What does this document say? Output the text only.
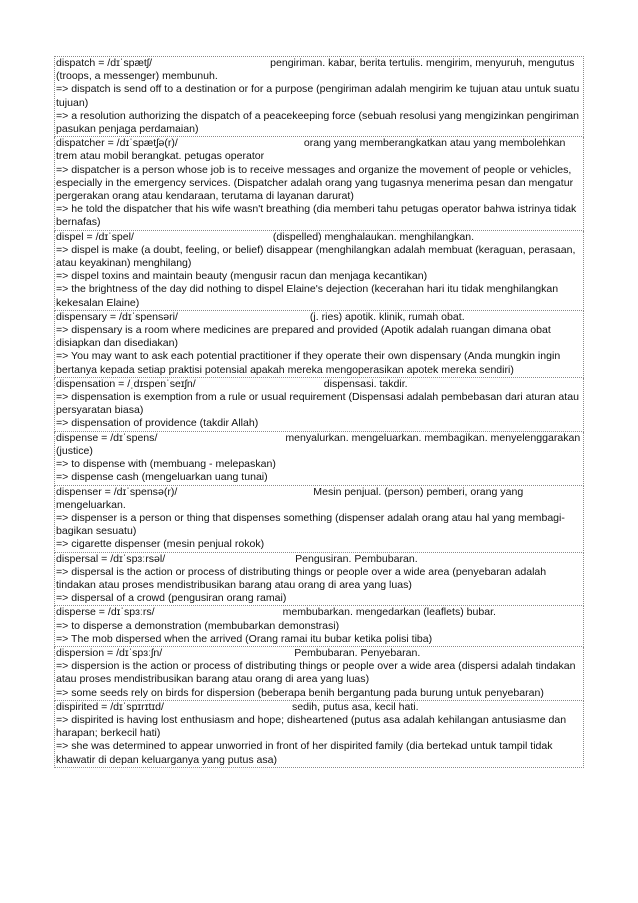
dispatch = /dɪˈspætʃ/	pengiriman. kabar, berita tertulis. mengirim, menyuruh, mengutus (troops, a messenger) membunuh.
=> dispatch is send off to a destination or for a purpose (pengiriman adalah mengirim ke tujuan atau untuk suatu tujuan)
=> a resolution authorizing the dispatch of a peacekeeping force (sebuah resolusi yang mengizinkan pengiriman pasukan penjaga perdamaian)
dispatcher = /dɪˈspætʃə(r)/	orang yang memberangkatkan atau yang membolehkan trem atau mobil berangkat. petugas operator
=> dispatcher is a person whose job is to receive messages and organize the movement of people or vehicles, especially in the emergency services. (Dispatcher adalah orang yang tugasnya menerima pesan dan mengatur pergerakan orang atau kendaraan, terutama di layanan darurat)
=> he told the dispatcher that his wife wasn't breathing (dia memberi tahu petugas operator bahwa istrinya tidak bernafas)
dispel = /dɪˈspel/	(dispelled) menghalaukan. menghilangkan.
=> dispel is make (a doubt, feeling, or belief) disappear (menghilangkan adalah membuat (keraguan, perasaan, atau keyakinan) menghilang)
=> dispel toxins and maintain beauty (mengusir racun dan menjaga kecantikan)
=> the brightness of the day did nothing to dispel Elaine's dejection (kecerahan hari itu tidak menghilangkan kekesalan Elaine)
dispensary = /dɪˈspensəri/	(j. ries) apotik. klinik, rumah obat.
=> dispensary is a room where medicines are prepared and provided (Apotik adalah ruangan dimana obat disiapkan dan disediakan)
=> You may want to ask each potential practitioner if they operate their own dispensary (Anda mungkin ingin bertanya kepada setiap praktisi potensial apakah mereka mengoperasikan apotek mereka sendiri)
dispensation = /ˌdɪspenˈseɪʃn/	dispensasi. takdir.
=> dispensation is exemption from a rule or usual requirement (Dispensasi adalah pembebasan dari aturan atau persyaratan biasa)
=> dispensation of providence (takdir Allah)
dispense = /dɪˈspens/	menyalurkan. mengeluarkan. membagikan. menyelenggarakan (justice)
=> to dispense with (membuang - melepaskan)
=> dispense cash (mengeluarkan uang tunai)
dispenser = /dɪˈspensə(r)/	Mesin penjual. (person) pemberi, orang yang mengeluarkan.
=> dispenser is a person or thing that dispenses something (dispenser adalah orang atau hal yang membagi-bagikan sesuatu)
=> cigarette dispenser (mesin penjual rokok)
dispersal = /dɪˈspɜːrsəl/	Pengusiran. Pembubaran.
=> dispersal is the action or process of distributing things or people over a wide area (penyebaran adalah tindakan atau proses mendistribusikan barang atau orang di area yang luas)
=> dispersal of a crowd (pengusiran orang ramai)
disperse = /dɪˈspɜːrs/	membubarkan. mengedarkan (leaflets) bubar.
=> to disperse a demonstration (membubarkan demonstrasi)
=> The mob dispersed when the arrived (Orang ramai itu bubar ketika polisi tiba)
dispersion = /dɪˈspɜːʃn/	Pembubaran. Penyebaran.
=> dispersion is the action or process of distributing things or people over a wide area (dispersi adalah tindakan atau proses mendistribusikan barang atau orang di area yang luas)
=> some seeds rely on birds for dispersion (beberapa benih bergantung pada burung untuk penyebaran)
dispirited = /dɪˈspɪrɪtɪd/	sedih, putus asa, kecil hati.
=> dispirited is having lost enthusiasm and hope; disheartened (putus asa adalah kehilangan antusiasme dan harapan; berkecil hati)
=> she was determined to appear unworried in front of her dispirited family (dia bertekad untuk tampil tidak khawatir di depan keluarganya yang putus asa)
